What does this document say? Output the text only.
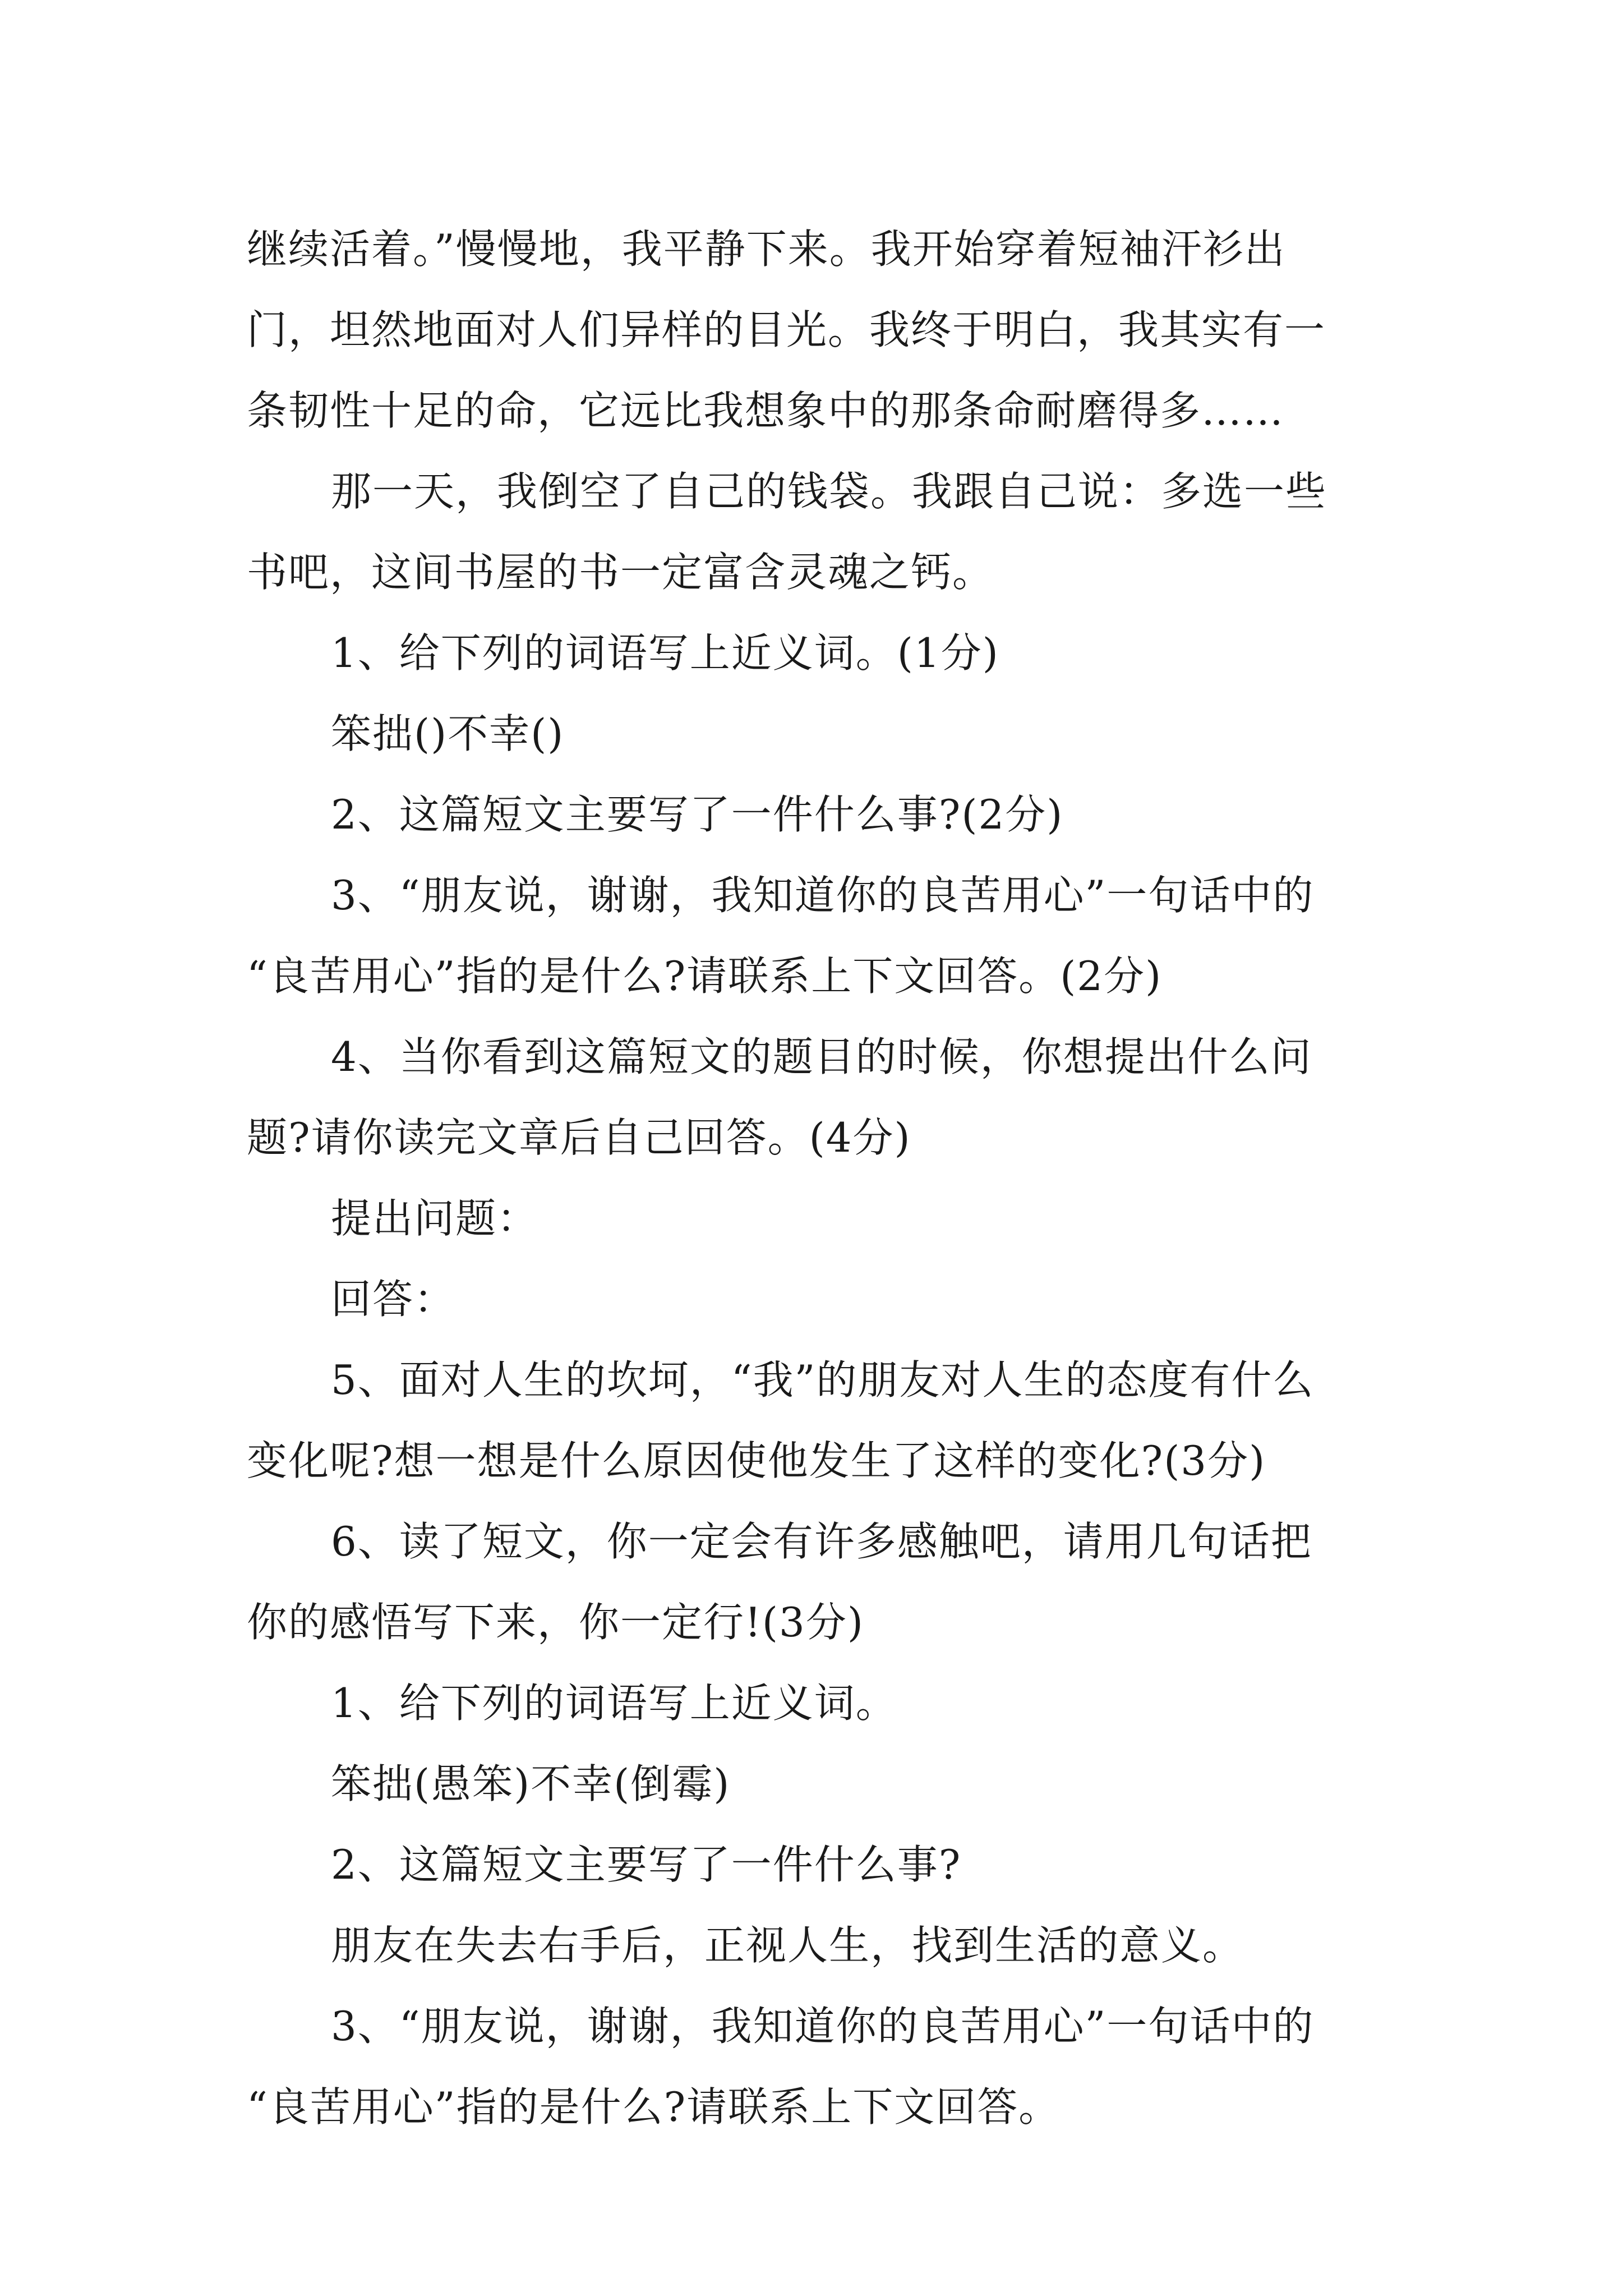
继续活着。”慢慢地，我平静下来。我开始穿着短袖汗衫出
门，坦然地面对人们异样的目光。我终于明白，我其实有一
条韧性十足的命，它远比我想象中的那条命耐磨得多……
那一天，我倒空了自己的钱袋。我跟自己说：多选一些
书吧，这间书屋的书一定富含灵魂之钙。
1、给下列的词语写上近义词。(1分)
笨拙()不幸()
2、这篇短文主要写了一件什么事?(2分)
3、“朋友说，谢谢，我知道你的良苦用心”一句话中的
“良苦用心”指的是什么?请联系上下文回答。(2分)
4、当你看到这篇短文的题目的时候，你想提出什么问
题?请你读完文章后自己回答。(4分)
提出问题：
回答：
5、面对人生的坎坷，“我”的朋友对人生的态度有什么
变化呢?想一想是什么原因使他发生了这样的变化?(3分)
6、读了短文，你一定会有许多感触吧，请用几句话把
你的感悟写下来，你一定行!(3分)
1、给下列的词语写上近义词。
笨拙(愚笨)不幸(倒霉)
2、这篇短文主要写了一件什么事?
朋友在失去右手后，正视人生，找到生活的意义。
3、“朋友说，谢谢，我知道你的良苦用心”一句话中的
“良苦用心”指的是什么?请联系上下文回答。
